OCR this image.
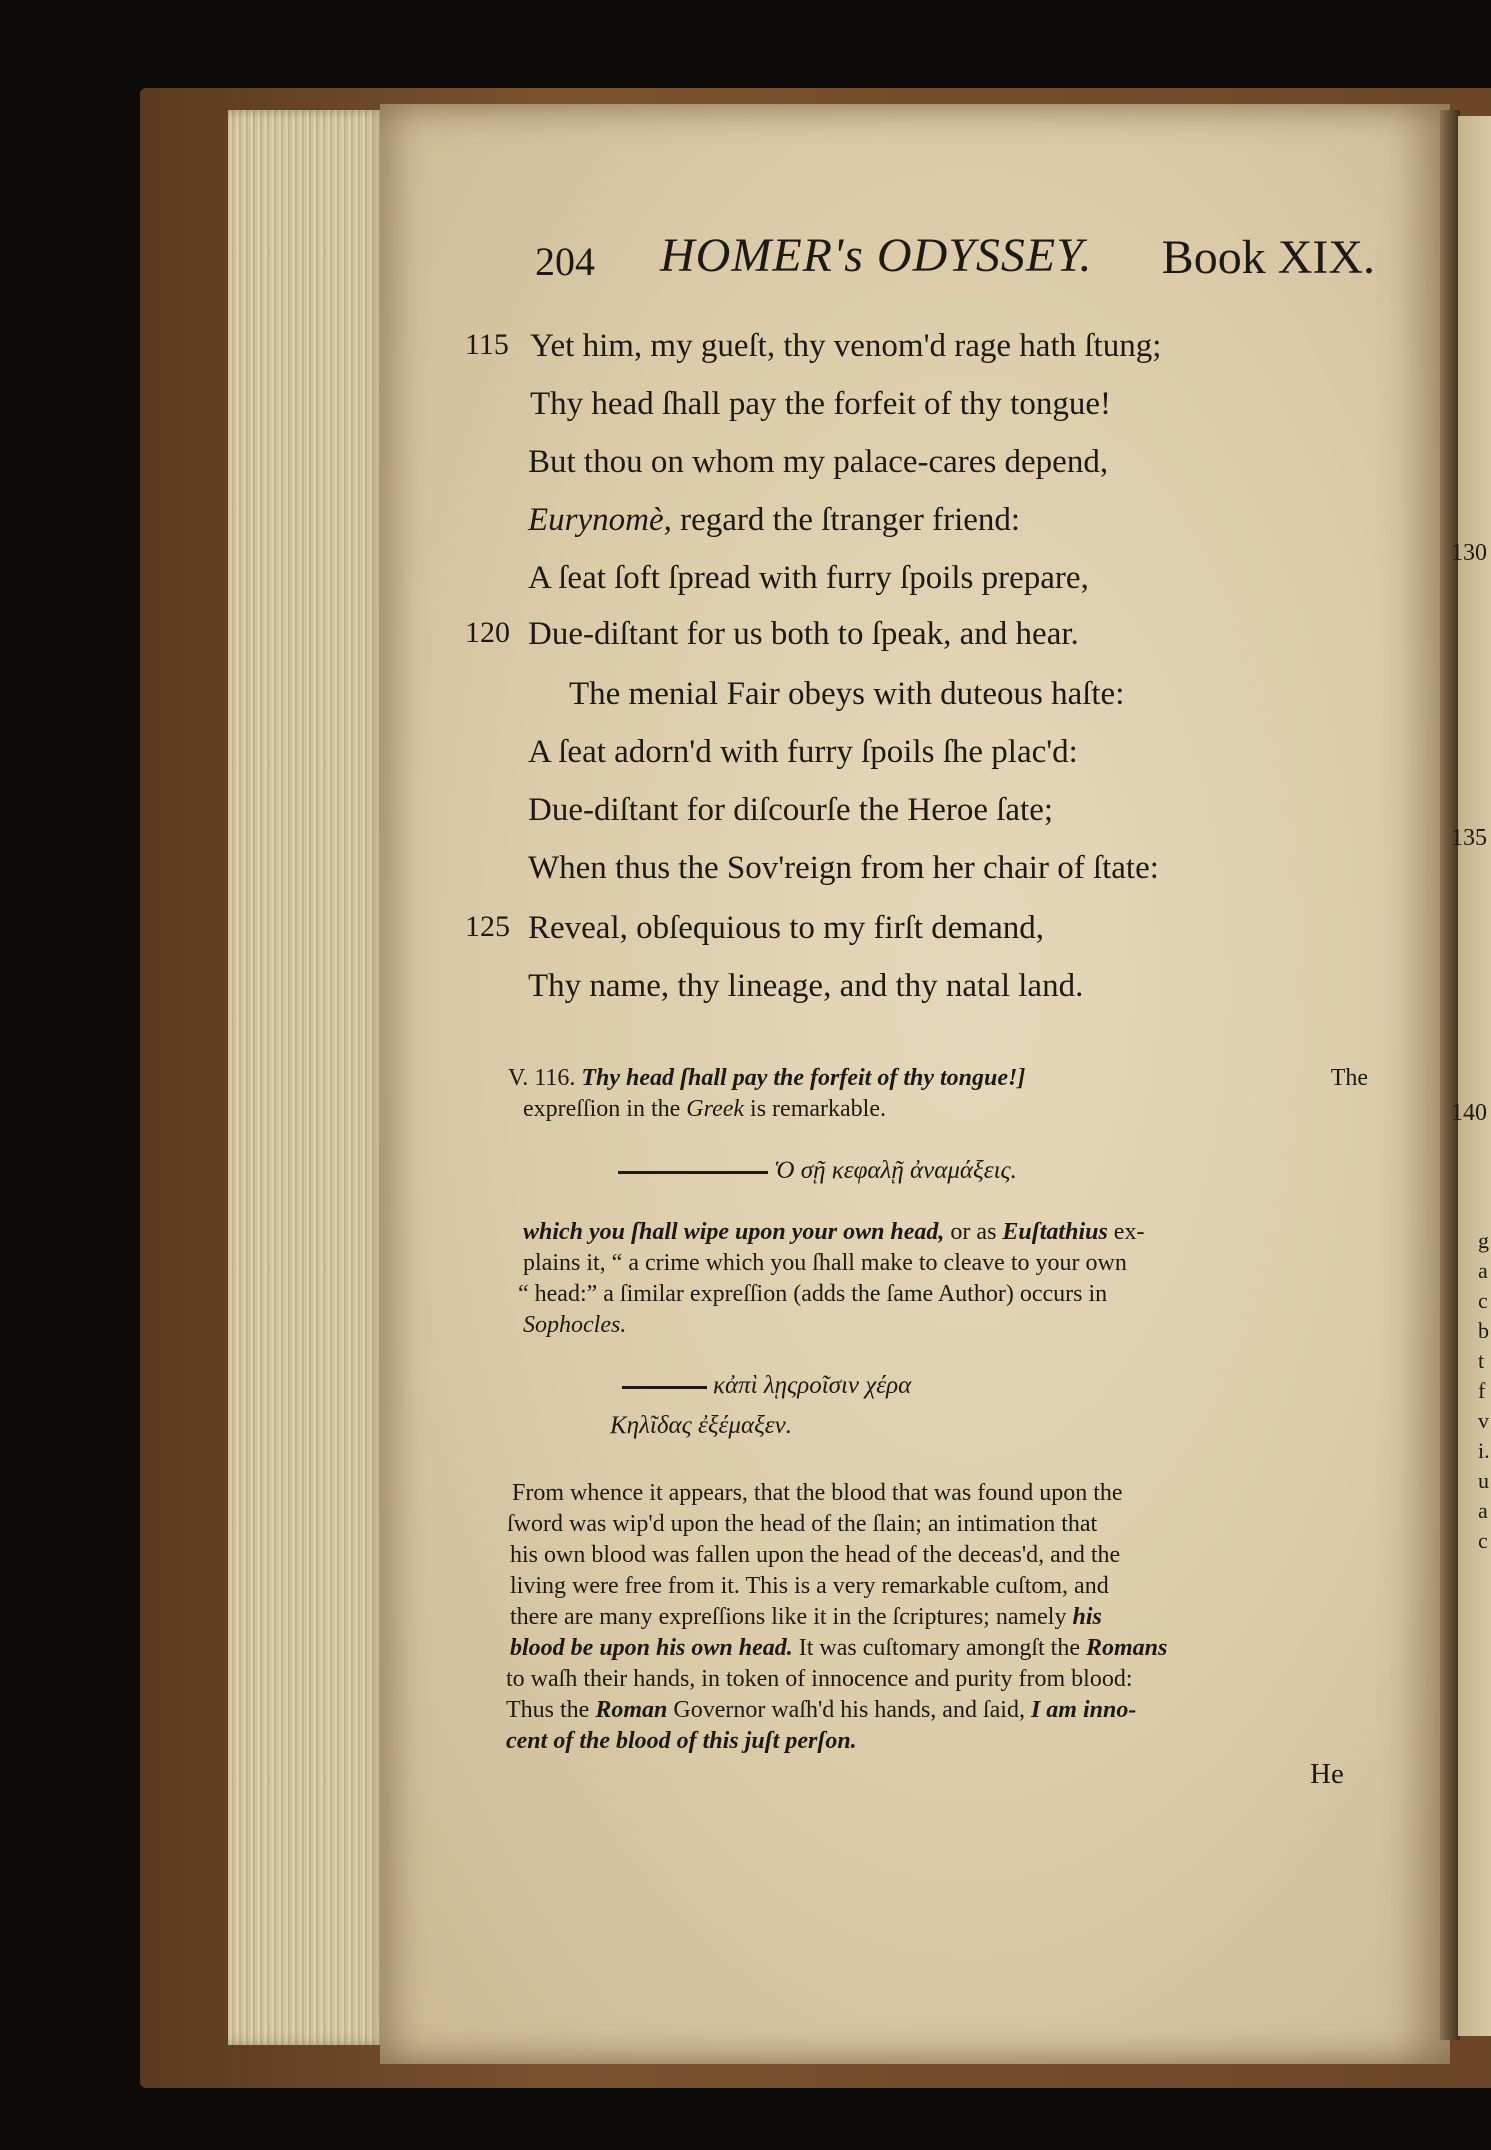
130
135
140
g
a
c
b
t
f
v
i.
u
a
c
204 HOMER's ODYSSEY. Book XIX.
115 Yet him, my gueſt, thy venom'd rage hath ſtung;
Thy head ſhall pay the forfeit of thy tongue!
But thou on whom my palace-cares depend,
Eurynomè, regard the ſtranger friend:
A ſeat ſoft ſpread with furry ſpoils prepare,
120 Due-diſtant for us both to ſpeak, and hear.
The menial Fair obeys with duteous haſte:
A ſeat adorn'd with furry ſpoils ſhe plac'd:
Due-diſtant for diſcourſe the Heroe ſate;
When thus the Sov'reign from her chair of ſtate:
125 Reveal, obſequious to my firſt demand,
Thy name, thy lineage, and thy natal land.
V. 116. Thy head ſhall pay the forfeit of thy tongue!]	The
expreſſion in the Greek is remarkable.
Ὁ σῇ κεφαλῇ ἀναμάξεις.
which you ſhall wipe upon your own head, or as Euſtathius ex-
plains it, “ a crime which you ſhall make to cleave to your own
“ head:” a ſimilar expreſſion (adds the ſame Author) occurs in
Sophocles.
κἀπὶ λῃςροῖσιν χέρα
Κηλῖδας ἐξέμαξεν.
From whence it appears, that the blood that was found upon the
ſword was wip'd upon the head of the ſlain; an intimation that
his own blood was fallen upon the head of the deceas'd, and the
living were free from it. This is a very remarkable cuſtom, and
there are many expreſſions like it in the ſcriptures; namely his
blood be upon his own head. It was cuſtomary amongſt the Romans
to waſh their hands, in token of innocence and purity from blood:
Thus the Roman Governor waſh'd his hands, and ſaid, I am inno-
cent of the blood of this juſt perſon.
He
